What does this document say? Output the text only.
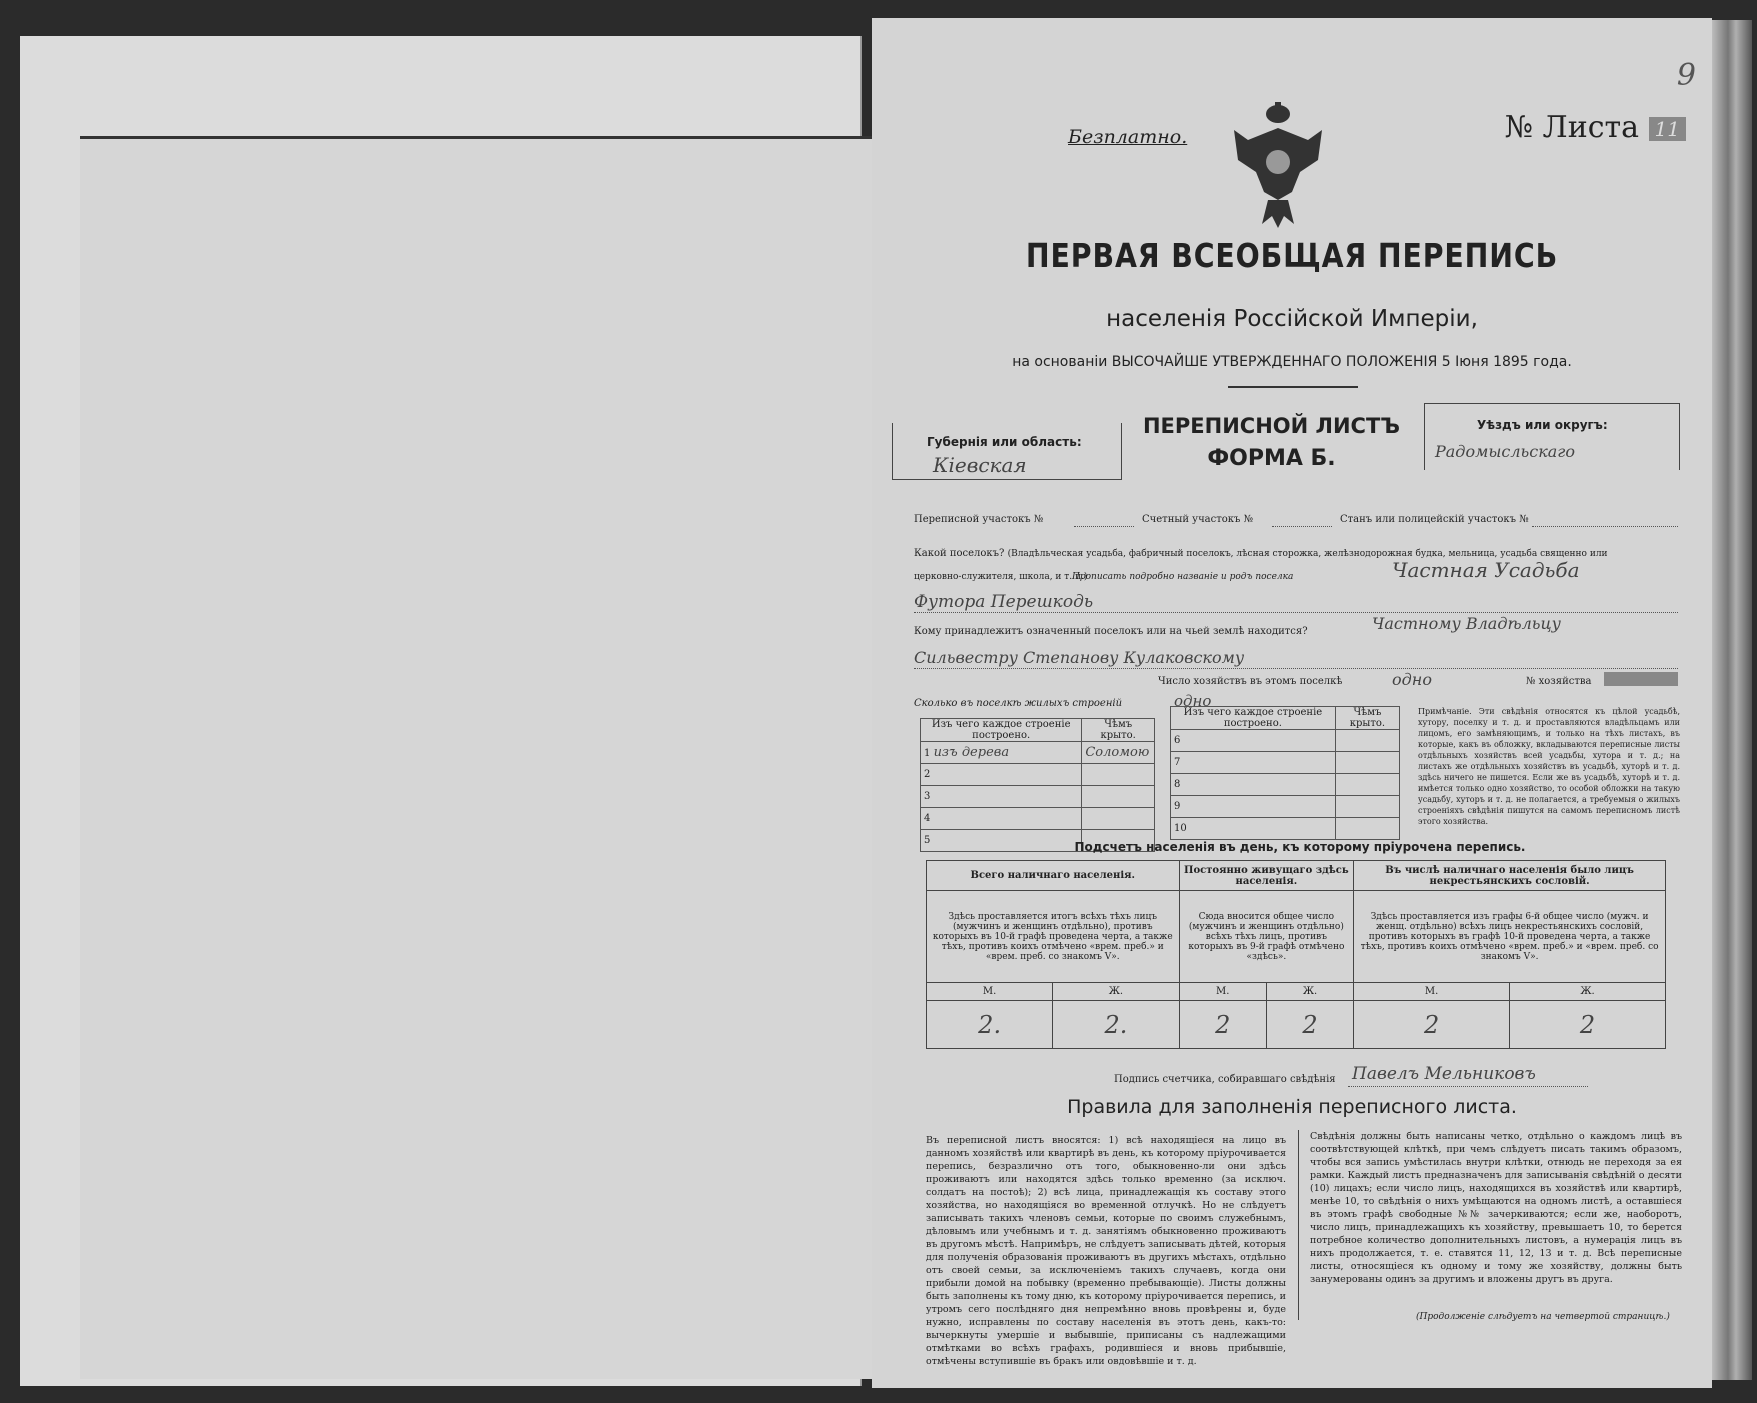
9
Безплатно.	№ Листа 11
ПЕРВАЯ ВСЕОБЩАЯ ПЕРЕПИСЬ
населенія Россійской Имперіи,
на основаніи ВЫСОЧАЙШЕ УТВЕРЖДЕННАГО ПОЛОЖЕНІЯ 5 Іюня 1895 года.
Губернія или область:
Кіевская
ПЕРЕПИСНОЙ ЛИСТЪ
ФОРМА Б.
Уѣздъ или округъ:
Радомысльскаго
Переписной участокъ №	Счетный участокъ №	Станъ или полицейскій участокъ №
Какой поселокъ? (Владѣльческая усадьба, фабричный поселокъ, лѣсная сторожка, желѣзнодорожная будка, мельница, усадьба священно или
церковно-служителя, школа, и т. п.)
Прописать подробно названіе и родъ поселка	Частная Усадьба
Футора Перешкодь
Кому принадлежитъ означенный поселокъ или на чьей землѣ находится?	Частному Владѣльцу
Сильвестру Степанову Кулаковскому
Число хозяйствъ въ этомъ поселкѣ	одно	№ хозяйства
Сколько въ поселкѣ жилыхъ строеній	одно
Изъ чего каждое строеніе построено.	Чѣмъ крыто.
1 изъ дерева	Соломою
2	
3	
4	
5	
Изъ чего каждое строеніе построено.	Чѣмъ крыто.
6	
7	
8	
9	
10	
Примѣчаніе. Эти свѣдѣнія относятся къ цѣлой усадьбѣ, хутору, поселку и т. д. и проставляются владѣльцамъ или лицомъ, его замѣняющимъ, и только на тѣхъ листахъ, въ которые, какъ въ обложку, вкладываются переписные листы отдѣльныхъ хозяйствъ всей усадьбы, хутора и т. д.; на листахъ же отдѣльныхъ хозяйствъ въ усадьбѣ, хуторѣ и т. д. здѣсь ничего не пишется. Если же въ усадьбѣ, хуторѣ и т. д. имѣется только одно хозяйство, то особой обложки на такую усадьбу, хуторъ и т. д. не полагается, а требуемыя о жилыхъ строеніяхъ свѣдѣнія пишутся на самомъ переписномъ листѣ этого хозяйства.
Подсчетъ населенія въ день, къ которому пріурочена перепись.
Всего наличнаго населенія.		Постоянно живущаго здѣсь населенія.		Въ числѣ наличнаго населенія было лицъ некрестьянскихъ сословій.	
Здѣсь проставляется итогъ всѣхъ тѣхъ лицъ (мужчинъ и женщинъ отдѣльно), противъ которыхъ въ 10-й графѣ проведена черта, а также тѣхъ, противъ коихъ отмѣчено «врем. преб.» и «врем. преб. со знакомъ V».		Сюда вносится общее число (мужчинъ и женщинъ отдѣльно) всѣхъ тѣхъ лицъ, противъ которыхъ въ 9-й графѣ отмѣчено «здѣсь».		Здѣсь проставляется изъ графы 6-й общее число (мужч. и женщ. отдѣльно) всѣхъ лицъ некрестьянскихъ сословій, противъ которыхъ въ графѣ 10-й проведена черта, а также тѣхъ, противъ коихъ отмѣчено «врем. преб.» и «врем. преб. со знакомъ V».	
М.	Ж.	М.	Ж.	М.	Ж.
2.	2.	2	2	2	2
Подпись счетчика, собиравшаго свѣдѣнія Павелъ Мельниковъ
Правила для заполненія переписного листа.
Въ переписной листъ вносятся: 1) всѣ находящіеся на лицо въ данномъ хозяйствѣ или квартирѣ въ день, къ которому пріурочивается перепись, безразлично отъ того, обыкновенно-ли они здѣсь проживаютъ или находятся здѣсь только временно (за исключ. солдатъ на постоѣ); 2) всѣ лица, принадлежащія къ составу этого хозяйства, но находящіяся во временной отлучкѣ. Но не слѣдуетъ записывать такихъ членовъ семьи, которые по своимъ служебнымъ, дѣловымъ или учебнымъ и т. д. занятіямъ обыкновенно проживаютъ въ другомъ мѣстѣ. Напримѣръ, не слѣдуетъ записывать дѣтей, которыя для полученія образованія проживаютъ въ другихъ мѣстахъ, отдѣльно отъ своей семьи, за исключеніемъ такихъ случаевъ, когда они прибыли домой на побывку (временно пребывающіе). Листы должны быть заполнены къ тому дню, къ которому пріурочивается перепись, и утромъ сего послѣдняго дня непремѣнно вновь провѣрены и, буде нужно, исправлены по составу населенія въ этотъ день, какъ-то: вычеркнуты умершіе и выбывшіе, приписаны съ надлежащими отмѣтками во всѣхъ графахъ, родившіеся и вновь прибывшіе, отмѣчены вступившіе въ бракъ или овдовѣвшіе и т. д.
Свѣдѣнія должны быть написаны четко, отдѣльно о каждомъ лицѣ въ соотвѣтствующей клѣткѣ, при чемъ слѣдуетъ писать такимъ образомъ, чтобы вся запись умѣстилась внутри клѣтки, отнюдь не переходя за ея рамки. Каждый листъ предназначенъ для записыванія свѣдѣній о десяти (10) лицахъ; если число лицъ, находящихся въ хозяйствѣ или квартирѣ, менѣе 10, то свѣдѣнія о нихъ умѣщаются на одномъ листѣ, а оставшіеся въ этомъ графѣ свободные №№ зачеркиваются; если же, наоборотъ, число лицъ, принадлежащихъ къ хозяйству, превышаетъ 10, то берется потребное количество дополнительныхъ листовъ, а нумерація лицъ въ нихъ продолжается, т. е. ставятся 11, 12, 13 и т. д. Всѣ переписные листы, относящіеся къ одному и тому же хозяйству, должны быть занумерованы одинъ за другимъ и вложены другъ въ друга.
(Продолженіе слѣдуетъ на четвертой страницѣ.)
